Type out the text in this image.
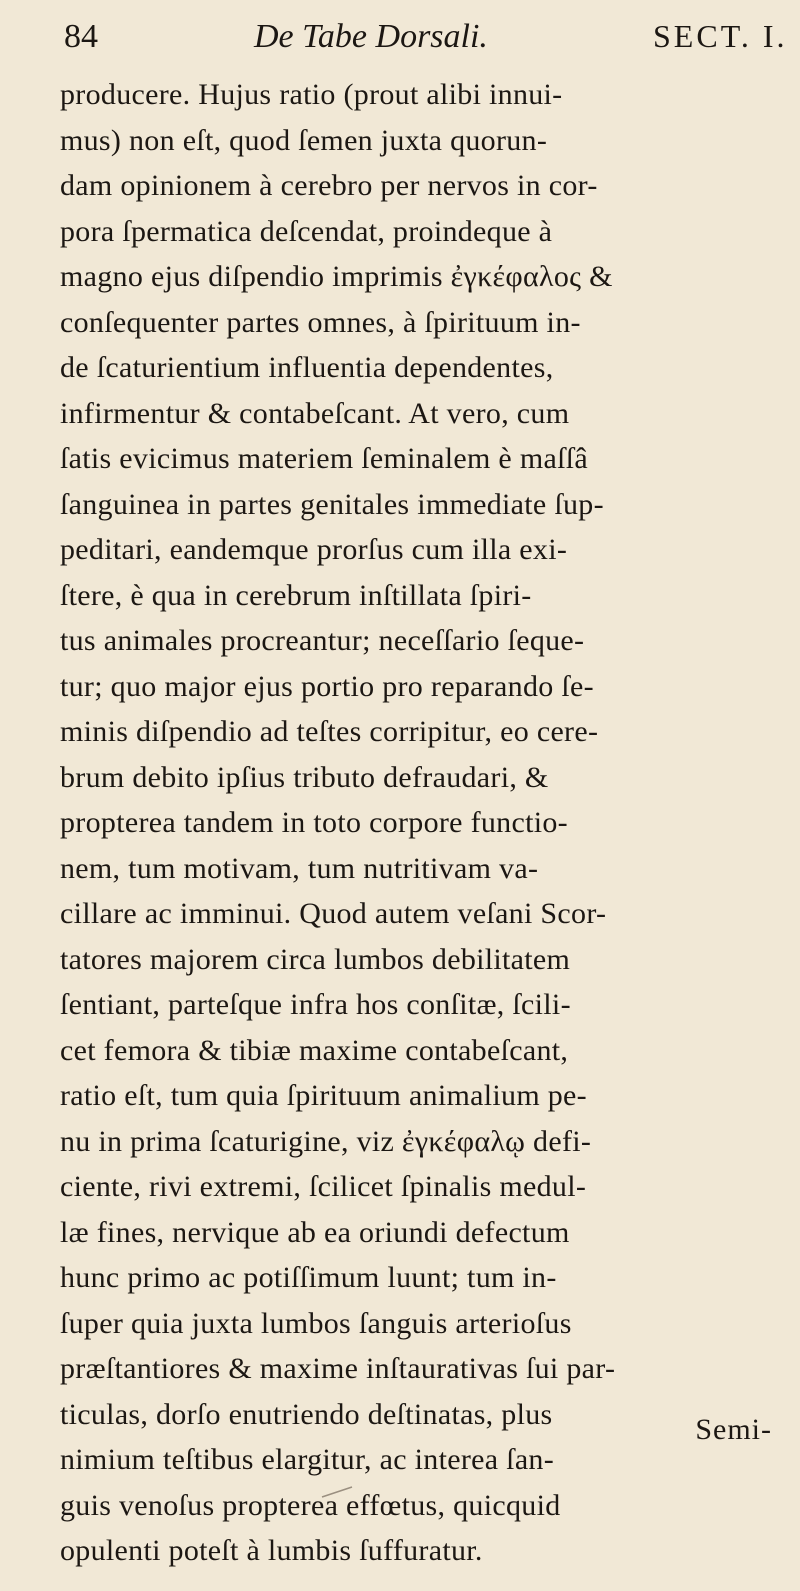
84	De Tabe Dorsali.	SECT. I.
producere. Hujus ratio (prout alibi innui-
mus) non eſt, quod ſemen juxta quorun-
dam opinionem à cerebro per nervos in cor-
pora ſpermatica deſcendat, proindeque à
magno ejus diſpendio imprimis ἐγκέφαλος &
conſequenter partes omnes, à ſpirituum in-
de ſcaturientium influentia dependentes,
infirmentur & contabeſcant. At vero, cum
ſatis evicimus materiem ſeminalem è maſſâ
ſanguinea in partes genitales immediate ſup-
peditari, eandemque prorſus cum illa exi-
ſtere, è qua in cerebrum inſtillata ſpiri-
tus animales procreantur; neceſſario ſeque-
tur; quo major ejus portio pro reparando ſe-
minis diſpendio ad teſtes corripitur, eo cere-
brum debito ipſius tributo defraudari, &
propterea tandem in toto corpore functio-
nem, tum motivam, tum nutritivam va-
cillare ac imminui. Quod autem veſani Scor-
tatores majorem circa lumbos debilitatem
ſentiant, parteſque infra hos conſitæ, ſcili-
cet femora & tibiæ maxime contabeſcant,
ratio eſt, tum quia ſpirituum animalium pe-
nu in prima ſcaturigine, viz ἐγκέφαλῳ defi-
ciente, rivi extremi, ſcilicet ſpinalis medul-
læ fines, nervique ab ea oriundi defectum
hunc primo ac potiſſimum luunt; tum in-
ſuper quia juxta lumbos ſanguis arterioſus
præſtantiores & maxime inſtaurativas ſui par-
ticulas, dorſo enutriendo deſtinatas, plus
nimium teſtibus elargitur, ac interea ſan-
guis venoſus propterea effœtus, quicquid
opulenti poteſt à lumbis ſuffuratur.
Semi-
